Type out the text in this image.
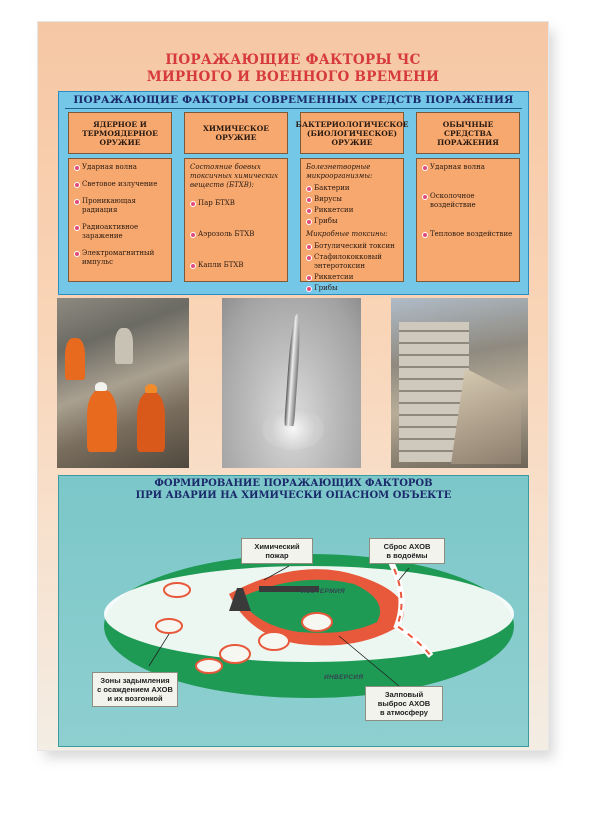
ПОРАЖАЮЩИЕ ФАКТОРЫ ЧС
МИРНОГО И ВОЕННОГО ВРЕМЕНИ
ПОРАЖАЮЩИЕ ФАКТОРЫ СОВРЕМЕННЫХ СРЕДСТВ ПОРАЖЕНИЯ
ЯДЕРНОЕ И ТЕРМОЯДЕРНОЕ ОРУЖИЕ
Ударная волна
Световое излучение
Проникающая радиация
Радиоактивное заражение
Электромагнитный импульс
ХИМИЧЕСКОЕ ОРУЖИЕ
Состояние боевых токсичных химических веществ (БТХВ):
Пар БТХВ
Аэрозоль БТХВ
Капли БТХВ
БАКТЕРИОЛОГИЧЕСКОЕ (БИОЛОГИЧЕСКОЕ) ОРУЖИЕ
Болезнетворные микроорганизмы:
Бактерии
Вирусы
Риккетсии
Грибы
Микробные токсины:
Ботулический токсин
Стафилококковый энтеротоксин
Риккетсии
Грибы
ОБЫЧНЫЕ СРЕДСТВА ПОРАЖЕНИЯ
Ударная волна
Осколочное воздействие
Тепловое воздействие
ФОРМИРОВАНИЕ ПОРАЖАЮЩИХ ФАКТОРОВ
ПРИ АВАРИИ НА ХИМИЧЕСКИ ОПАСНОМ ОБЪЕКТЕ
ИЗОТЕРМИЯ
ИНВЕРСИЯ
Химический
пожар
Сброс АХОВ
в водоёмы
Зоны задымления
с осаждением АХОВ
и их возгонкой	Залповый
выброс АХОВ
в атмосферу
